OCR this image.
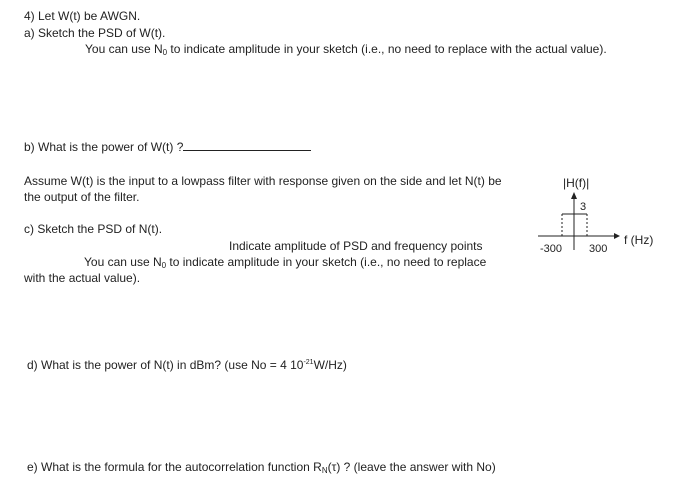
4) Let W(t) be AWGN.
a) Sketch the PSD of W(t).
You can use $N_0$ to indicate amplitude in your sketch (i.e., no need to replace with the actual value).
b) What is the power of W(t) ?
Assume W(t) is the input to a lowpass filter with response given on the side and let N(t) be
the output of the filter.
c) Sketch the PSD of N(t).
Indicate amplitude of PSD and frequency points
You can use $N_0$ to indicate amplitude in your sketch (i.e., no need to replace
with the actual value).
d) What is the power of N(t) in dBm? (use No = 4 $10^{-21}W/Hz$)
e) What is the formula for the autocorrelation function $R_N(\tau)$ ? (leave the answer with No)
|H(f)|
3
f (Hz)
-300 300
